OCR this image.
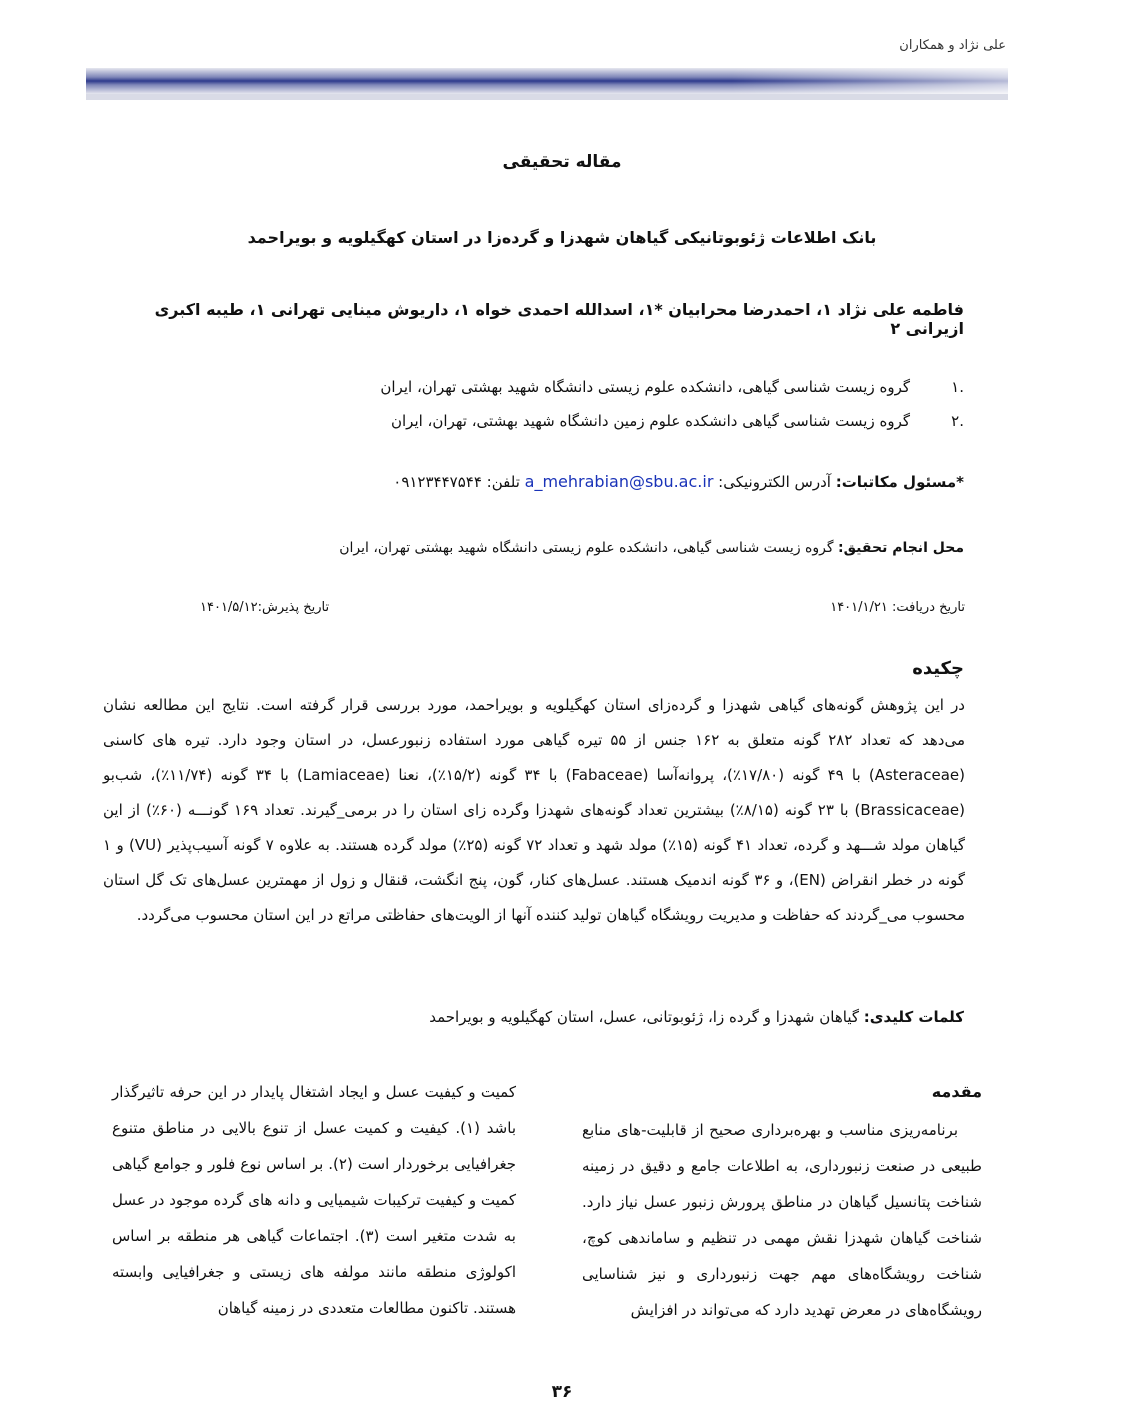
علی نژاد و همکاران
مقاله تحقیقی
بانک اطلاعات ژئوبوتانیکی گیاهان شهدزا و گرده‌زا در استان کهگیلویه و بویراحمد
فاطمه علی نژاد ۱، احمدرضا محرابیان *۱، اسدالله احمدی خواه ۱، داریوش مینایی تهرانی ۱، طیبه اکبری ازیرانی ۲
.۱
گروه زیست شناسی گیاهی، دانشکده علوم زیستی دانشگاه شهید بهشتی تهران، ایران
.۲
گروه زیست شناسی گیاهی دانشکده علوم زمین دانشگاه شهید بهشتی، تهران، ایران
*مسئول مکاتبات: آدرس الکترونیکی: a_mehrabian@sbu.ac.ir تلفن: ۰۹۱۲۳۴۴۷۵۴۴
محل انجام تحقیق: گروه زیست شناسی گیاهی، دانشکده علوم زیستی دانشگاه شهید بهشتی تهران، ایران
تاریخ دریافت: ۱۴۰۱/۱/۲۱
تاریخ پذیرش:۱۴۰۱/۵/۱۲
چکیده
در این پژوهش گونه‌های گیاهی شهدزا و گرده‌زای استان کهگیلویه و بویراحمد، مورد بررسی قرار گرفته است. نتایج این مطالعه نشان می‌دهد که تعداد ۲۸۲ گونه متعلق به ۱۶۲ جنس از ۵۵ تیره گیاهی مورد استفاده زنبورعسل، در استان وجود دارد. تیره های کاسنی (Asteraceae) با ۴۹ گونه (۱۷/۸۰٪)، پروانه‌آسا (Fabaceae) با ۳۴ گونه (۱۵/۲٪)، نعنا (Lamiaceae) با ۳۴ گونه (۱۱/۷۴٪)، شب‌بو (Brassicaceae) با ۲۳ گونه (۸/۱۵٪) بیشترین تعداد گونه‌های شهدزا وگرده زای استان را در برمی_گیرند. تعداد ۱۶۹ گونـــه (۶۰٪) از این گیاهان مولد شـــهد و گرده، تعداد ۴۱ گونه (۱۵٪) مولد شهد و تعداد ۷۲ گونه (۲۵٪) مولد گرده هستند. به علاوه ۷ گونه آسیب‌پذیر (VU) و ۱ گونه در خطر انقراض (EN)، و ۳۶ گونه اندمیک هستند. عسل‌های کنار، گون، پنج انگشت، قنقال و زول از مهمترین عسل‌های تک گل استان محسوب می_گردند که حفاظت و مدیریت رویشگاه گیاهان تولید کننده آنها از الویت‌های حفاظتی مراتع در این استان محسوب می‌گردد.
کلمات کلیدی: گیاهان شهدزا و گرده زا، ژئوبوتانی، عسل، استان کهگیلویه و بویراحمد
مقدمه
برنامه‌ریزی مناسب و بهره‌برداری صحیح از قابلیت‌-های منابع طبیعی در صنعت زنبورداری، به اطلاعات جامع و دقیق در زمینه شناخت پتانسیل گیاهان در مناطق پرورش زنبور عسل نیاز دارد. شناخت گیاهان شهدزا نقش مهمی در تنظیم و ساماندهی کوچ، شناخت رویشگاه‌های مهم جهت زنبورداری و نیز شناسایی رویشگاه‌های در معرض تهدید دارد که می‌تواند در افزایش
کمیت و کیفیت عسل و ایجاد اشتغال پایدار در این حرفه تاثیرگذار باشد (۱). کیفیت و کمیت عسل از تنوع بالایی در مناطق متنوع جغرافیایی برخوردار است (۲). بر اساس نوع فلور و جوامع گیاهی کمیت و کیفیت ترکیبات شیمیایی و دانه های گرده موجود در عسل به شدت متغیر است (۳). اجتماعات گیاهی هر منطقه بر اساس اکولوژی منطقه مانند مولفه های زیستی و جغرافیایی وابسته هستند. تاکنون مطالعات متعددی در زمینه گیاهان
۳۶
